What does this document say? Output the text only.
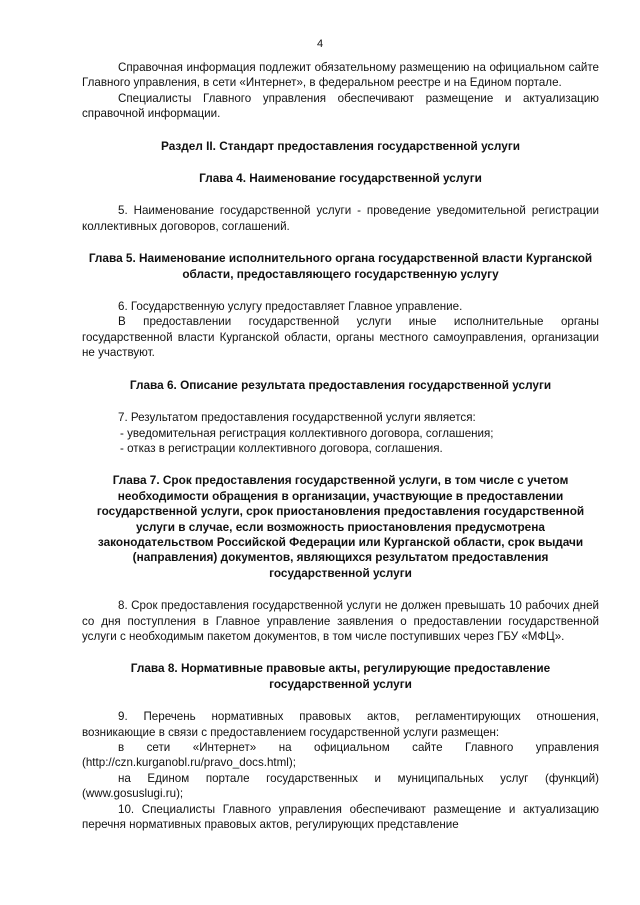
4

Справочная информация подлежит обязательному размещению на официальном сайте Главного управления, в сети «Интернет», в федеральном реестре и на Едином портале.

Специалисты Главного управления обеспечивают размещение и актуализацию справочной информации.

Раздел II. Стандарт предоставления государственной услуги
Глава 4. Наименование государственной услуги

5. Наименование государственной услуги - проведение уведомительной регистрации коллективных договоров, соглашений.

Глава 5. Наименование исполнительного органа государственной власти Курганской области, предоставляющего государственную услугу

6. Государственную услугу предоставляет Главное управление.

В предоставлении государственной услуги иные исполнительные органы государственной власти Курганской области, органы местного самоуправления, организации не участвуют.

Глава 6. Описание результата предоставления государственной услуги

7. Результатом предоставления государственной услуги является:

- уведомительная регистрация коллективного договора, соглашения;

- отказ в регистрации коллективного договора, соглашения.

Глава 7. Срок предоставления государственной услуги, в том числе с учетом необходимости обращения в организации, участвующие в предоставлении государственной услуги, срок приостановления предоставления государственной услуги в случае, если возможность приостановления предусмотрена законодательством Российской Федерации или Курганской области, срок выдачи (направления) документов, являющихся результатом предоставления государственной услуги

8. Срок предоставления государственной услуги не должен превышать 10 рабочих дней со дня поступления в Главное управление заявления о предоставлении государственной услуги с необходимым пакетом документов, в том числе поступивших через ГБУ «МФЦ».

Глава 8. Нормативные правовые акты, регулирующие предоставление государственной услуги

9. Перечень нормативных правовых актов, регламентирующих отношения, возникающие в связи с предоставлением государственной услуги размещен:

в сети «Интернет» на официальном сайте Главного управления (http://czn.kurganobl.ru/pravo_docs.html);

на Едином портале государственных и муниципальных услуг (функций) (www.gosuslugi.ru);

10. Специалисты Главного управления обеспечивают размещение и актуализацию перечня нормативных правовых актов, регулирующих представление
